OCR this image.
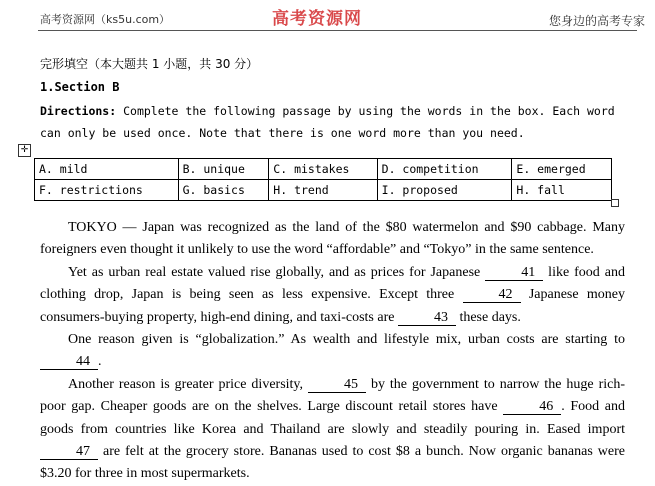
高考资源网（ks5u.com）	高考资源网	您身边的高考专家
完形填空（本大题共 1 小题，共 30 分）
1.Section B
Directions: Complete the following passage by using the words in the box. Each word can only be used once. Note that there is one word more than you need.
✛
A. mild	B. unique	C. mistakes	D. competition	E. emerged
F. restrictions	G. basics	H. trend	I. proposed	H. fall

TOKYO — Japan was recognized as the land of the $80 watermelon and $90 cabbage. Many foreigners even thought it unlikely to use the word “affordable” and “Tokyo” in the same sentence.

Yet as urban real estate valued rise globally, and as prices for Japanese	41 like food and clothing drop, Japan is being seen as less expensive. Except three	42 Japanese money consumers-buying property, high-end dining, and taxi-costs are	43 these days.

One reason given is “globalization.” As wealth and lifestyle mix, urban costs are starting to 44 .

Another reason is greater price diversity,	45 by the government to narrow the huge rich-poor gap. Cheaper goods are on the shelves. Large discount retail stores have	46 . Food and goods from countries like Korea and Thailand are slowly and steadily pouring in. Eased import 47 are felt at the grocery store. Bananas used to cost $8 a bunch. Now organic bananas were $3.20 for three in most supermarkets.
